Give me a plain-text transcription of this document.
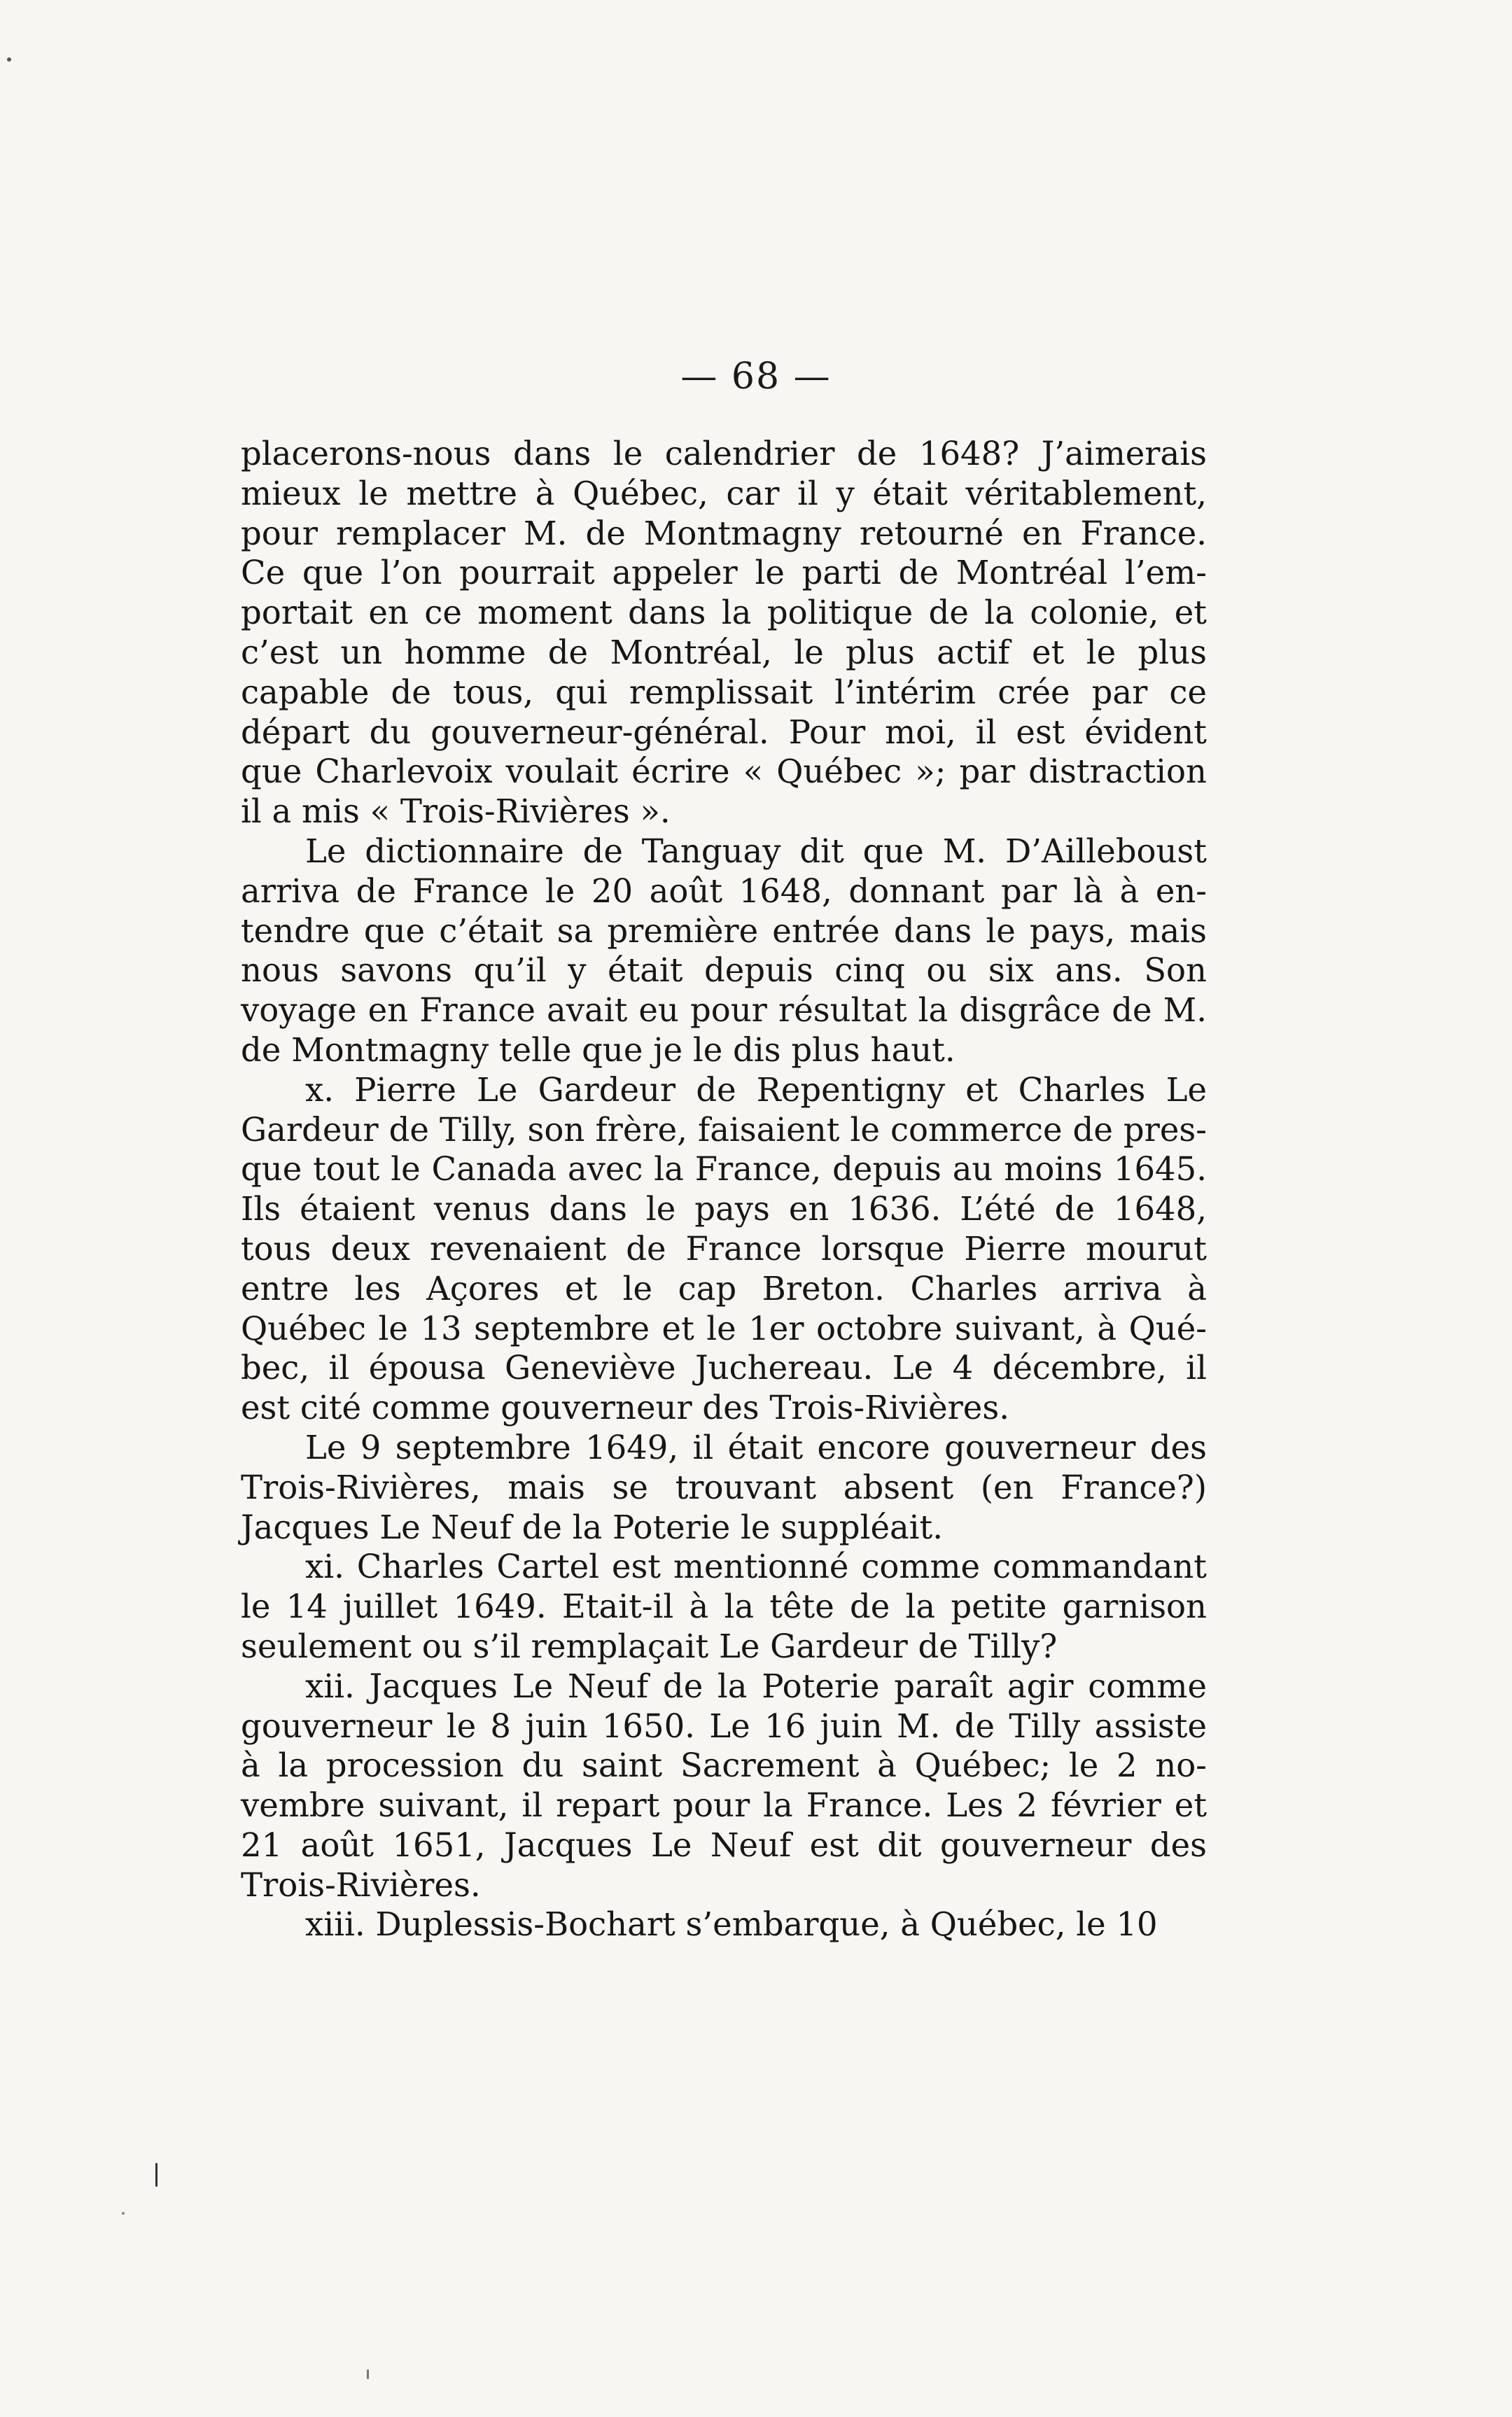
— 68 —
placerons-nous dans le calendrier de 1648? J’aimerais
mieux le mettre à Québec, car il y était véritablement,
pour remplacer M. de Montmagny retourné en France.
Ce que l’on pourrait appeler le parti de Montréal l’em-
portait en ce moment dans la politique de la colonie, et
c’est un homme de Montréal, le plus actif et le plus
capable de tous, qui remplissait l’intérim crée par ce
départ du gouverneur-général. Pour moi, il est évident
que Charlevoix voulait écrire « Québec »; par distraction
il a mis « Trois-Rivières ».
Le dictionnaire de Tanguay dit que M. D’Ailleboust
arriva de France le 20 août 1648, donnant par là à en-
tendre que c’était sa première entrée dans le pays, mais
nous savons qu’il y était depuis cinq ou six ans. Son
voyage en France avait eu pour résultat la disgrâce de M.
de Montmagny telle que je le dis plus haut.
x. Pierre Le Gardeur de Repentigny et Charles Le
Gardeur de Tilly, son frère, faisaient le commerce de pres-
que tout le Canada avec la France, depuis au moins 1645.
Ils étaient venus dans le pays en 1636. L’été de 1648,
tous deux revenaient de France lorsque Pierre mourut
entre les Açores et le cap Breton. Charles arriva à
Québec le 13 septembre et le 1er octobre suivant, à Qué-
bec, il épousa Geneviève Juchereau. Le 4 décembre, il
est cité comme gouverneur des Trois-Rivières.
Le 9 septembre 1649, il était encore gouverneur des
Trois-Rivières, mais se trouvant absent (en France?)
Jacques Le Neuf de la Poterie le suppléait.
xi. Charles Cartel est mentionné comme commandant
le 14 juillet 1649. Etait-il à la tête de la petite garnison
seulement ou s’il remplaçait Le Gardeur de Tilly?
xii. Jacques Le Neuf de la Poterie paraît agir comme
gouverneur le 8 juin 1650. Le 16 juin M. de Tilly assiste
à la procession du saint Sacrement à Québec; le 2 no-
vembre suivant, il repart pour la France. Les 2 février et
21 août 1651, Jacques Le Neuf est dit gouverneur des
Trois-Rivières.
xiii. Duplessis-Bochart s’embarque, à Québec, le 10
